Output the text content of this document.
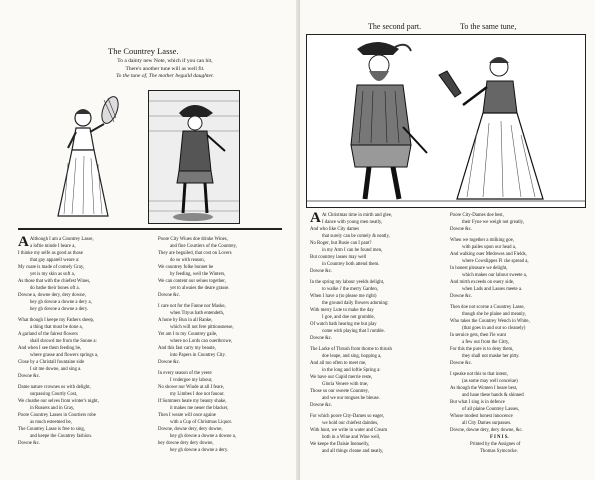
The Countrey Lasse.
To a dainty new Note, which if you can hit,
There's another tune will as well fit.
To the tune of, The mother beguild daughter.
A Although I am a Countrey Lasse,
a loftie minde I beare a,
I thinke my selfe as good as those
that gay apparell weare a:
My coate is made of comely Gray,
yet is my skin as soft a,
As those that with the chiefest Wines,
do bathe their bones oft a.
Downe a, downe dery, dery downe,
hey gh downe a downe a dery a,
hey gh downe a downe a dery.
What though I keepe my Fathers sheep,
a thing that must be done a,
A garland of the fairest flowers
shall shrowd me from the Sunne a:
And when I see them feeding be,
where grasse and flowers springs a,
Close by a Christall fountaine side
I sit me downe, and sing a.
Downe &c.
Dame nature crownes us with delight,
surpassing Courtly Cost,
We cloathe our selves from winter's night,
in Russets and in Gray,
Poore Countrey Lasses in Courtiers robe
as much esteemed be,
The Countrey Lasse is free to sing,
and keepe the Countrey fashion.
Downe &c.
Poore City Wiues doe drinke Wines,
and fine Courtiers of the Countrey,
They are beguiled, that cost on Lovers
do so with reason,
We countrey folke bonnet be
by feeding, well the Winters,
We can content our selues together,
yet to alwaies the deare grasse.
Downe &c.
I care not for the Fanne nor Maske,
when Tityus hath entendeth,
A hone by Bun in all Ranke,
which will not fere pittiousnesse,
Yet am I to my Countrey gaile,
where no Lords can ouerthrowe,
And this fast carry my beaute,
into Papers in Countrey City.
Downe &c.
In every season of the yeere
I vndergoe my labour,
No showe nor Wiude at all I feare,
my Limbes I doe not fauour.
If Summers heate my beauty shake,
it makes me neuer the blacker,
Then I weare will once againe
with a Cup of Christmas Liquor.
Downe, downe dery, dery downe,
hey gh downe a downe a downe a,
hey downe dery dery downe,
hey gh downe a downe a dery.
The second part.	To the same tune,
A At Christmas time in mirth and glee,
I dance with young men neatly,
And who like City dames
that surely can be comely & neatly,
No Roger, but Busie can I pant?
in my Arm I can be found men,
But countrey lasses may well
in Countrey both attend them.
Downe &c.
In the spring my labour yeelds delight,
to walke i' the merry Garden,
When I have a (to please me right)
the ground daily flowers adorning:
With merry Lute to make the day
I goe, and doe not grumble,
Of watch bath hearing me but play
come with playing that I rumble.
Downe &c.
The Larke of Thrush from thorne to thrush
doe leape, and sing, hopping a,
And all too often to meet me,
in the long and loftie Spring a:
We have our Cupid merrie reste,
Gloria Venere with true,
Those so our sweete Countrey,
and we our tongues be bleuse.
Downe &c.
For which poore City-Dames so eager,
we hold our chiefest dainties,
With hunt, we write in water and Cream
both in a Wine and Wine well,
We keepe the Daisie Inenuelly,
and all things cleane and neatly,
Poore City-Dames doe best,
their Fyne we weigh not greatly,
Downe &c.
When we together a milking goe,
with pailes upon our head a,
And walking ouer Medowes and Fields,
where Cowslippes Fl cke spread a,
In honest pleasure we delight,
which makes our labour sweete a,
And mirth exceeds on euery side,
when Lads and Lasses meete a.
Downe &c.
Then doe not scorne a Countrey Lasse,
though she be plaine and meanly,
Who takes the Countrey Wench in White,
(that goes in and out so cleanely)
In seruice gets, then I'le want
a few out from the Citty,
For this the pure is to deny them,
they shall not maske her pitty.
Downe &c.
I speake not this to that intent,
(as some may well conceiue)
As though the Women I heare best,
and haue these hands & shinned
But what I sing is in defence
of all plaine Countrey Lasses,
Whose modest honest innocence
all City Dames surpasses.
Downe, downe dery, dery downe, &c.
F I N I S.
Printed by the Assignes of
Thomas Symcocke.
